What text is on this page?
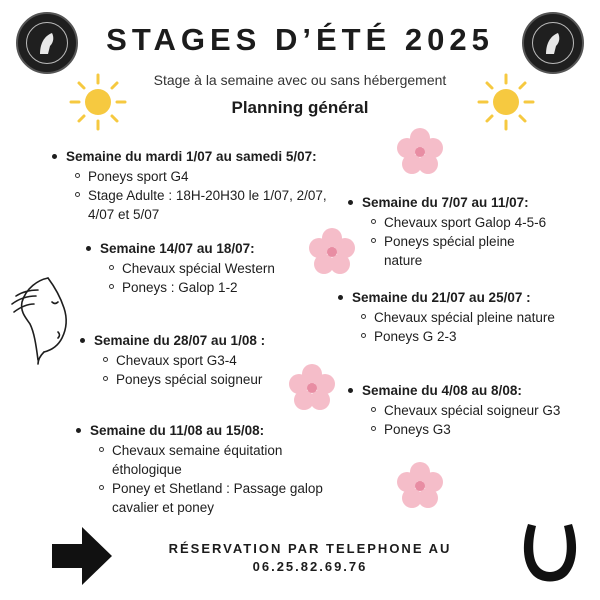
STAGES D’ÉTÉ 2025
Stage à la semaine avec ou sans hébergement
Planning général
Semaine du mardi 1/07 au samedi 5/07:
Poneys sport G4
Stage Adulte : 18H-20H30 le 1/07, 2/07, 4/07 et 5/07
Semaine du 7/07 au 11/07:
Chevaux sport Galop 4-5-6
Poneys spécial pleine nature
Semaine 14/07 au 18/07:
Chevaux spécial Western
Poneys : Galop 1-2
Semaine du 21/07 au 25/07 :
Chevaux spécial pleine nature
Poneys G 2-3
Semaine du 28/07 au 1/08 :
Chevaux sport G3-4
Poneys spécial soigneur
Semaine du 4/08 au 8/08:
Chevaux spécial soigneur G3
Poneys G3
Semaine du 11/08 au 15/08:
Chevaux semaine équitation éthologique
Poney et Shetland : Passage galop cavalier et poney
RÉSERVATION PAR TELEPHONE AU
06.25.82.69.76
